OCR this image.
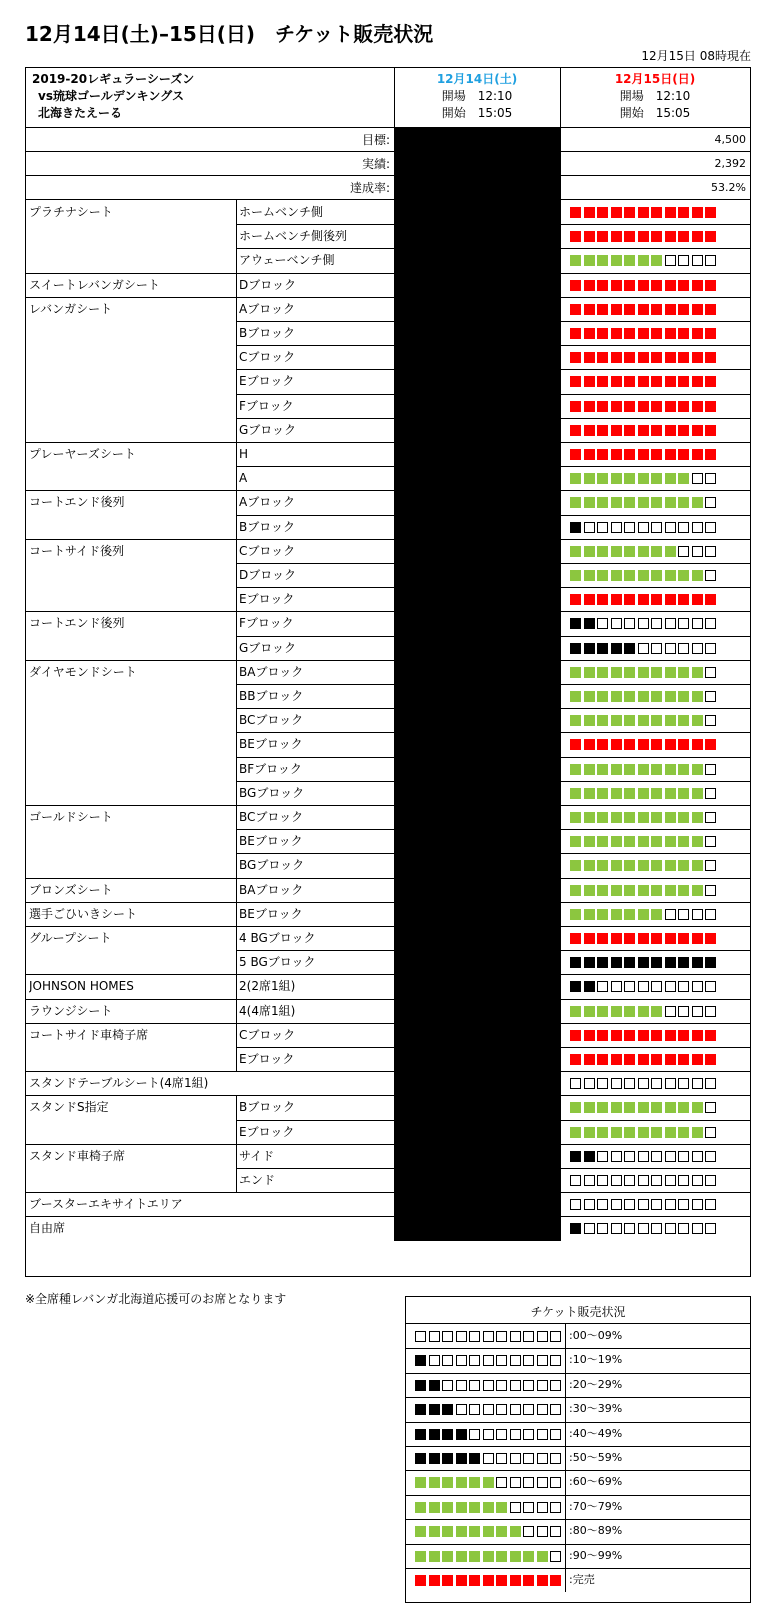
12月14日(土)–15日(日)　チケット販売状況
12月15日 08時現在
2019-20レギュラーシーズン
vs琉球ゴールデンキングス
北海きたえーる
12月14日(土)
開場　12:10
開始　15:05
12月15日(日)
開場　12:10
開始　15:05
目標:	4,500
実績:	2,392
達成率:	53.2%
プラチナシート	ホームベンチ側
ホームベンチ側後列
アウェーベンチ側
スイートレバンガシート	Dブロック
レバンガシート	Aブロック
Bブロック
Cブロック
Eブロック
Fブロック
Gブロック
プレーヤーズシート	H
A
コートエンド後列	Aブロック
Bブロック
コートサイド後列	Cブロック
Dブロック
Eブロック
コートエンド後列	Fブロック
Gブロック
ダイヤモンドシート	BAブロック
BBブロック
BCブロック
BEブロック
BFブロック
BGブロック
ゴールドシート	BCブロック
BEブロック
BGブロック
ブロンズシート	BAブロック
選手ごひいきシート	BEブロック
グループシート	4 BGブロック
5 BGブロック
JOHNSON HOMES	2(2席1組)
ラウンジシート	4(4席1組)
コートサイド車椅子席	Cブロック
Eブロック
スタンドテーブルシート(4席1組)
スタンドS指定	Bブロック
Eブロック
スタンド車椅子席	サイド
エンド
ブースターエキサイトエリア
自由席
※全席種レバンガ北海道応援可のお席となります
チケット販売状況
:00～09%
:10～19%
:20～29%
:30～39%
:40～49%
:50～59%
:60～69%
:70～79%
:80～89%
:90～99%
:完売
